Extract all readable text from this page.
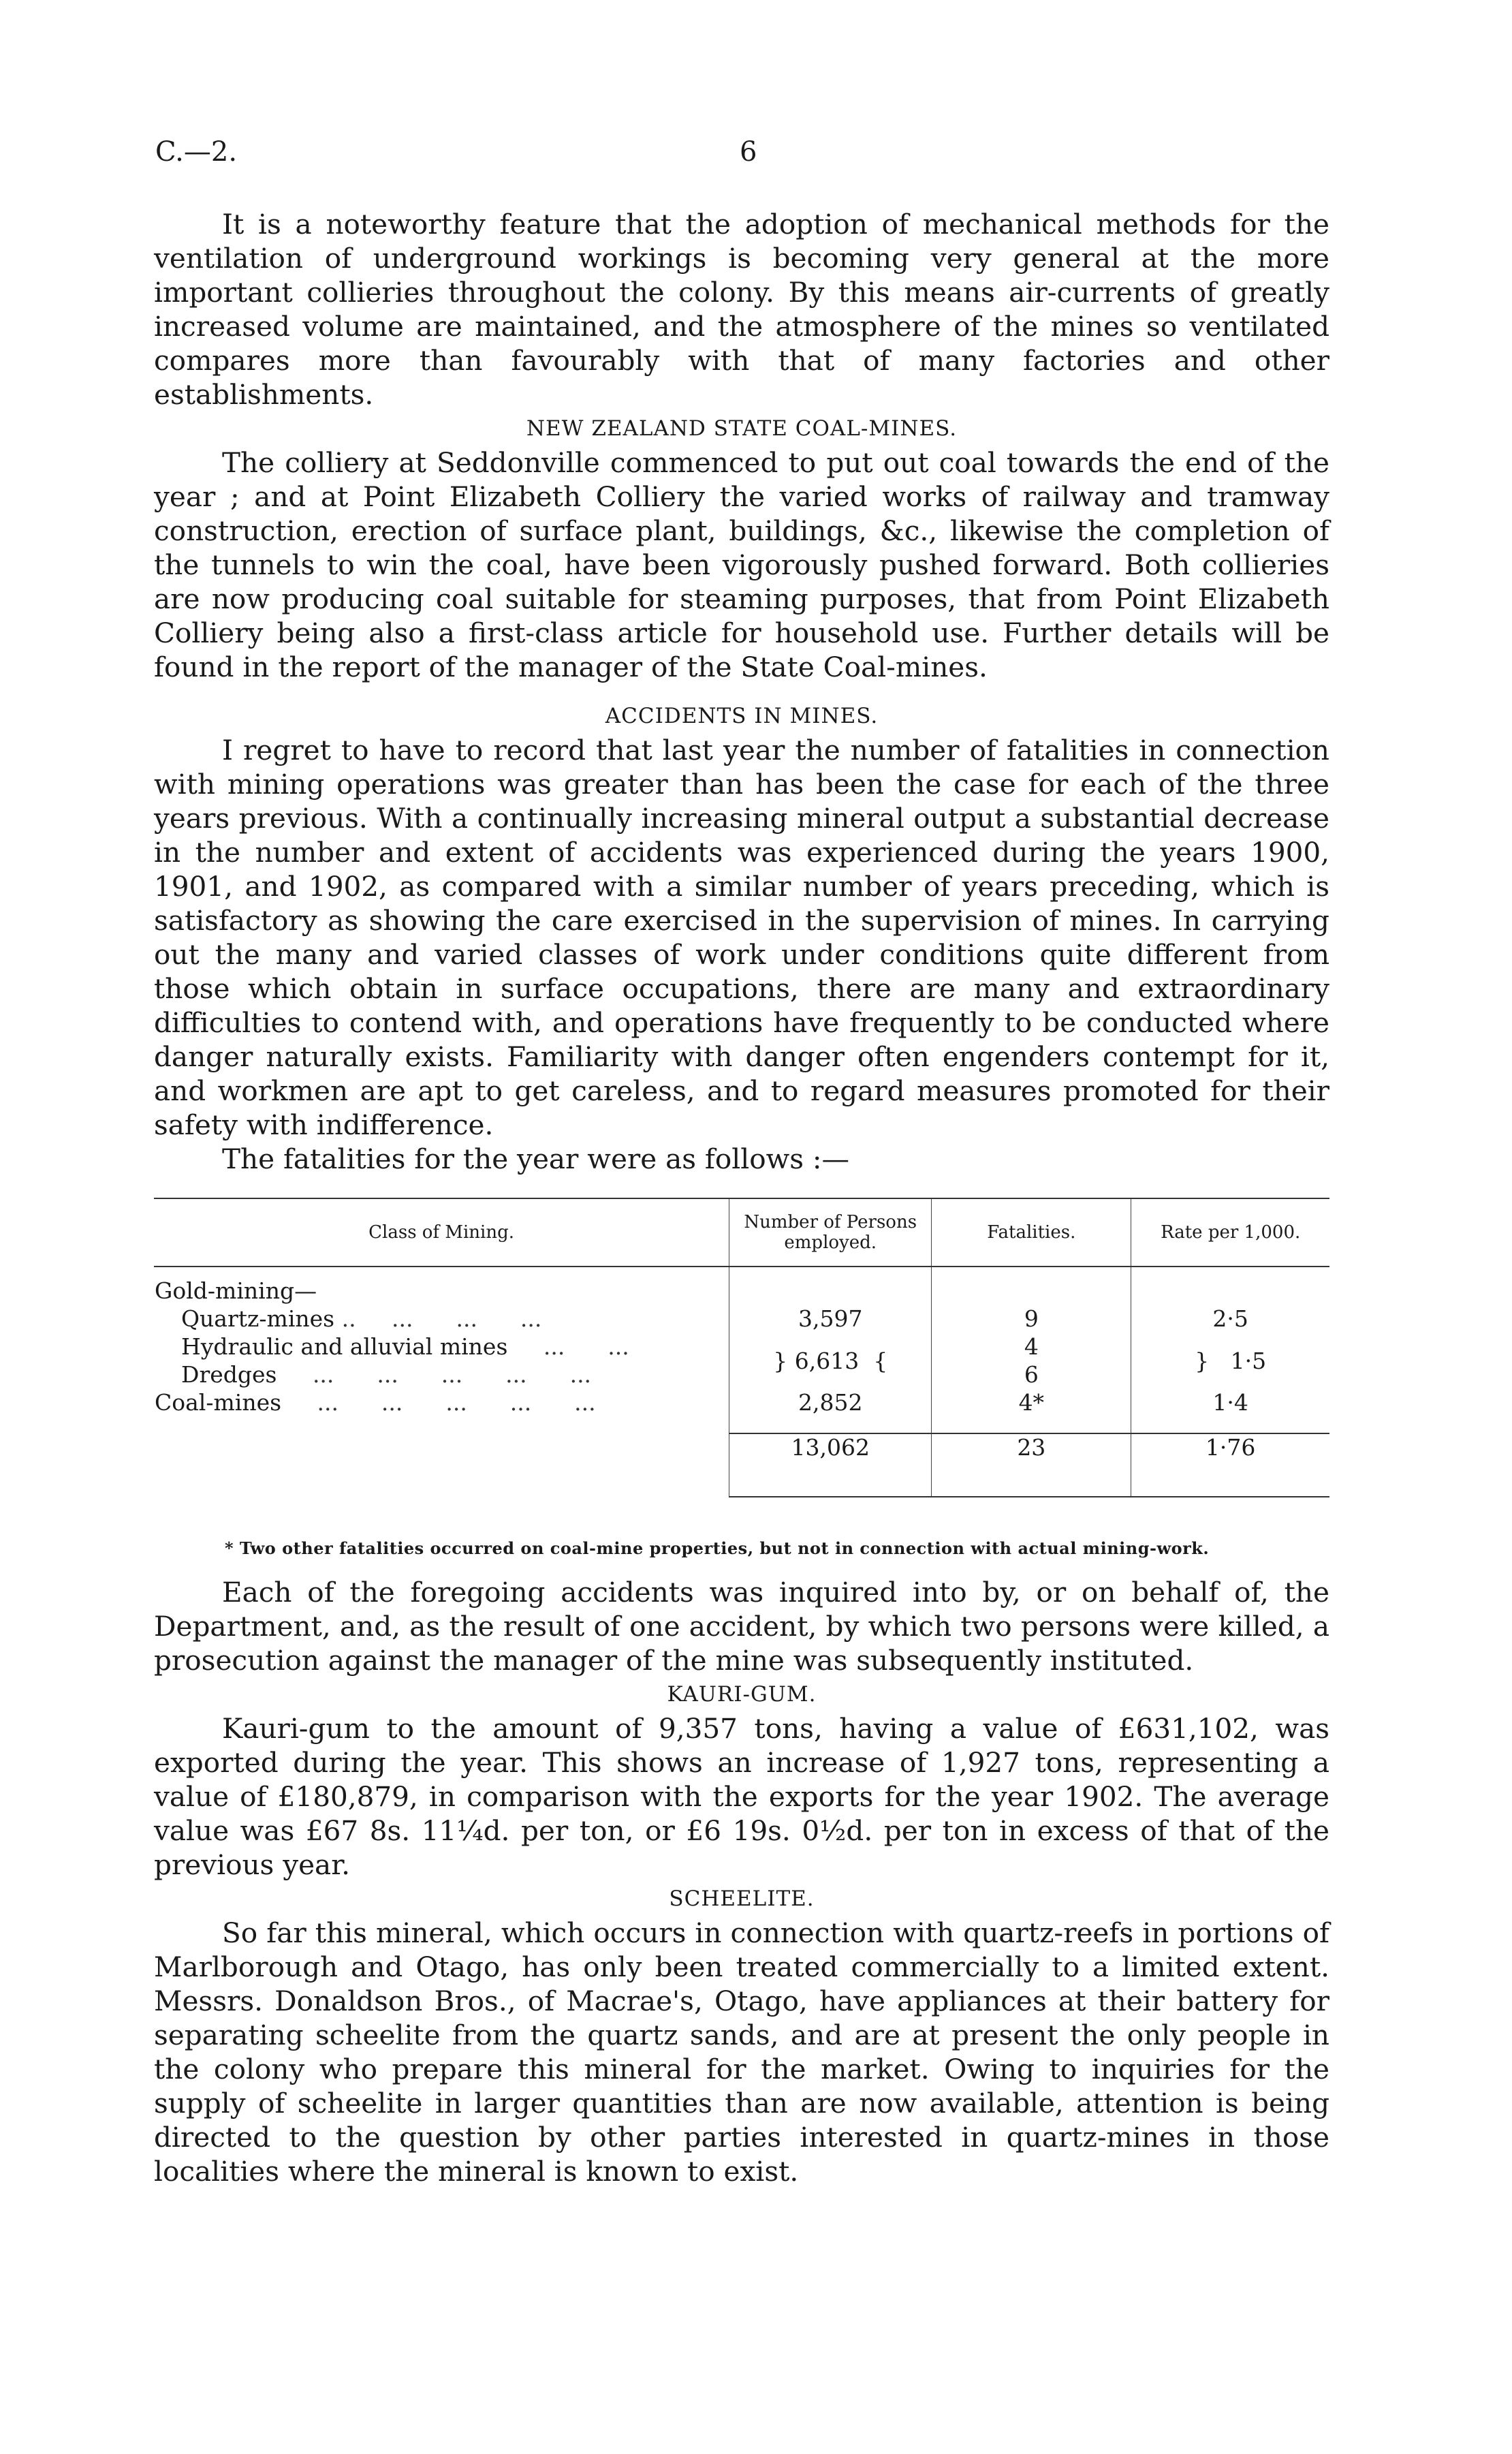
C.—2.	6

It is a noteworthy feature that the adoption of mechanical methods for the ventilation of underground workings is becoming very general at the more important collieries throughout the colony. By this means air-currents of greatly increased volume are maintained, and the atmosphere of the mines so ventilated compares more than favourably with that of many factories and other establishments.

NEW ZEALAND STATE COAL-MINES.

The colliery at Seddonville commenced to put out coal towards the end of the year ; and at Point Elizabeth Colliery the varied works of railway and tramway construction, erection of surface plant, buildings, &c., likewise the completion of the tunnels to win the coal, have been vigorously pushed forward. Both collieries are now producing coal suitable for steaming purposes, that from Point Elizabeth Colliery being also a first-class article for household use. Further details will be found in the report of the manager of the State Coal-mines.

ACCIDENTS IN MINES.

I regret to have to record that last year the number of fatalities in connection with mining operations was greater than has been the case for each of the three years previous. With a continually increasing mineral output a substantial decrease in the number and extent of accidents was experienced during the years 1900, 1901, and 1902, as compared with a similar number of years preceding, which is satisfactory as showing the care exercised in the supervision of mines. In carrying out the many and varied classes of work under conditions quite different from those which obtain in surface occupations, there are many and extraordinary difficulties to contend with, and operations have frequently to be conducted where danger naturally exists. Familiarity with danger often engenders contempt for it, and workmen are apt to get careless, and to regard measures promoted for their safety with indifference.

The fatalities for the year were as follows :—

Class of Mining.	Number of Persons employed.	Fatalities.	Rate per 1,000.

Gold-mining—			
Quartz-mines ..     ...      ...      ...	3,597	9	2·5
Hydraulic and alluvial mines     ...      ...	} 6,613  {	4	}   1·5
Dredges     ...      ...      ...      ...      ...		6	
Coal-mines     ...      ...      ...      ...      ...	2,852	4*	1·4

	13,062	23	1·76
* Two other fatalities occurred on coal-mine properties, but not in connection with actual mining-work.

Each of the foregoing accidents was inquired into by, or on behalf of, the Department, and, as the result of one accident, by which two persons were killed, a prosecution against the manager of the mine was subsequently instituted.

KAURI-GUM.

Kauri-gum to the amount of 9,357 tons, having a value of £631,102, was exported during the year. This shows an increase of 1,927 tons, representing a value of £180,879, in comparison with the exports for the year 1902. The average value was £67 8s. 11¼d. per ton, or £6 19s. 0½d. per ton in excess of that of the previous year.

SCHEELITE.

So far this mineral, which occurs in connection with quartz-reefs in portions of Marlborough and Otago, has only been treated commercially to a limited extent. Messrs. Donaldson Bros., of Macrae's, Otago, have appliances at their battery for separating scheelite from the quartz sands, and are at present the only people in the colony who prepare this mineral for the market. Owing to inquiries for the supply of scheelite in larger quantities than are now available, attention is being directed to the question by other parties interested in quartz-mines in those localities where the mineral is known to exist.
